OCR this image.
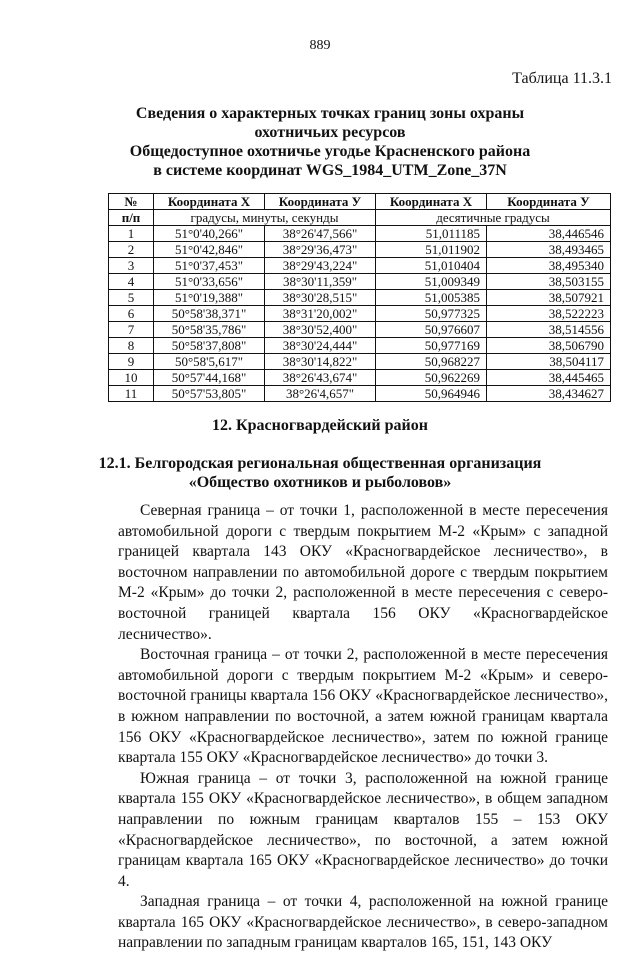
889
Таблица 11.3.1
Сведения о характерных точках границ зоны охраны
охотничьих ресурсов
Общедоступное охотничье угодье Красненского района
в системе координат WGS_1984_UTM_Zone_37N
№	Координата X	Координата У	Координата X	Координата У
п/п	градусы, минуты, секунды		десятичные градусы	
1	51°0'40,266"	38°26'47,566"	51,011185	38,446546
2	51°0'42,846"	38°29'36,473"	51,011902	38,493465
3	51°0'37,453"	38°29'43,224"	51,010404	38,495340
4	51°0'33,656"	38°30'11,359"	51,009349	38,503155
5	51°0'19,388"	38°30'28,515"	51,005385	38,507921
6	50°58'38,371"	38°31'20,002"	50,977325	38,522223
7	50°58'35,786"	38°30'52,400"	50,976607	38,514556
8	50°58'37,808"	38°30'24,444"	50,977169	38,506790
9	50°58'5,617"	38°30'14,822"	50,968227	38,504117
10	50°57'44,168"	38°26'43,674"	50,962269	38,445465
11	50°57'53,805"	38°26'4,657"	50,964946	38,434627
12. Красногвардейский район
12.1. Белгородская региональная общественная организация
«Общество охотников и рыболовов»

Северная граница – от точки 1, расположенной в месте пересечения автомобильной дороги с твердым покрытием М-2 «Крым» с западной границей квартала 143 ОКУ «Красногвардейское лесничество», в восточном направлении по автомобильной дороге с твердым покрытием М-2 «Крым» до точки 2, расположенной в месте пересечения с северо-восточной границей квартала 156 ОКУ «Красногвардейское лесничество».

Восточная граница – от точки 2, расположенной в месте пересечения автомобильной дороги с твердым покрытием М-2 «Крым» и северо-восточной границы квартала 156 ОКУ «Красногвардейское лесничество», в южном направлении по восточной, а затем южной границам квартала 156 ОКУ «Красногвардейское лесничество», затем по южной границе квартала 155 ОКУ «Красногвардейское лесничество» до точки 3.

Южная граница – от точки 3, расположенной на южной границе квартала 155 ОКУ «Красногвардейское лесничество», в общем западном направлении по южным границам кварталов 155 – 153 ОКУ «Красногвардейское лесничество», по восточной, а затем южной границам квартала 165 ОКУ «Красногвардейское лесничество» до точки 4.

Западная граница – от точки 4, расположенной на южной границе квартала 165 ОКУ «Красногвардейское лесничество», в северо-западном направлении по западным границам кварталов 165, 151, 143 ОКУ
